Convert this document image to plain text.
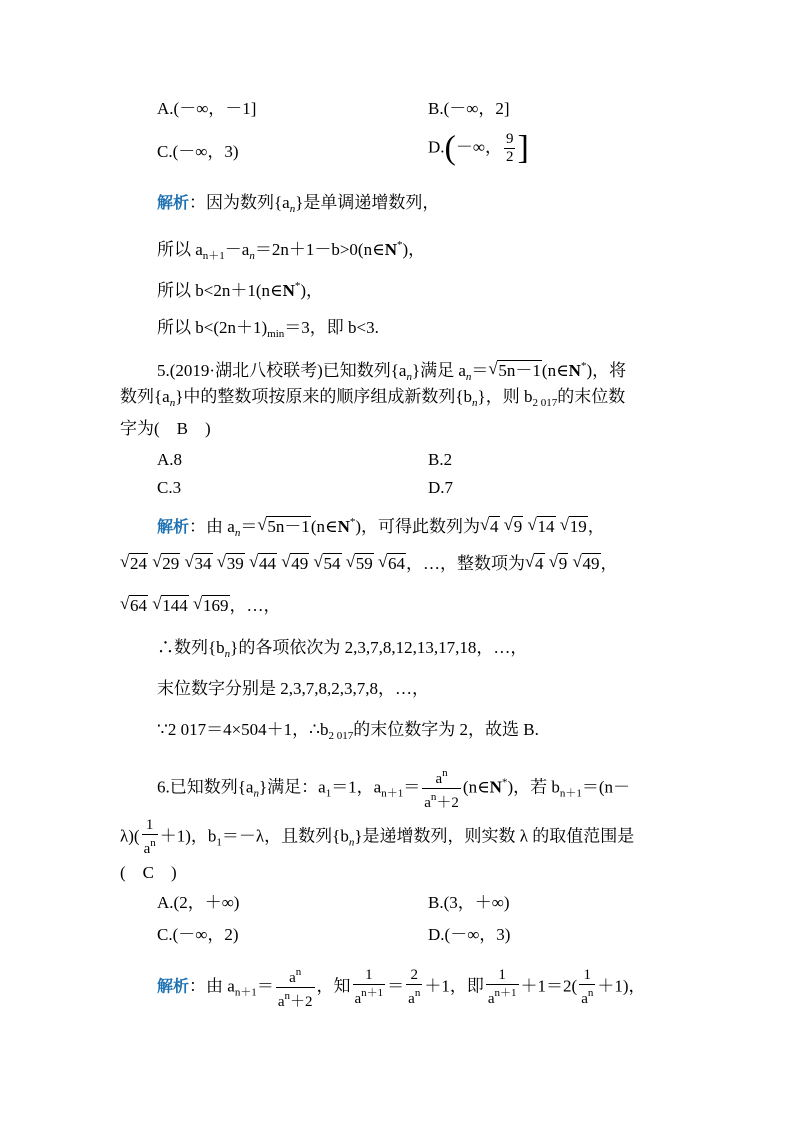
A.(－∞，－1]	B.(－∞，2]
C.(－∞，3)	D.(－∞， $\frac{9}{2}$ ]
解析：因为数列$\{a_n\}$是单调递增数列，
所以 $a_{n+1}-a_n=2n+1-b>0(n\in N^*)$，
所以 b<2n＋1(n∈N*)，
所以 $b<(2n+1)_{min}=3$，即 b<3.
5.(2019·湖北八校联考)已知数列$\{a_n\}$满足 $a_n=$ √ 5n－1(n∈N*)，将
数列$\{a_n\}$中的整数项按原来的顺序组成新数列$\{b_n\}$，则 $b_{2 017}$的末位数
字为(　B　)
A.8	B.2
C.3	D.7
解析：由 $a_n=$ √ 5n－1(n∈N*)，可得此数列为 √ 4 √ 9 √ 14 √ 19，
√ 24 √ 29 √ 34 √ 39 √ 44 √ 49 √ 54 √ 59 √ 64，…，整数项为 √ 4 √ 9 √ 49，
√ 64 √ 144 √ 169，…，
∴数列$\{b_n\}$的各项依次为 2,3,7,8,12,13,17,18，…，
末位数字分别是 2,3,7,8,2,3,7,8，…，
∵2 017＝4×504＋1，$\therefore b_{2 017}$的末位数字为 2，故选 B.
6.已知数列$\{a_n\}$满足：$a_1=1$，$a_{n+1}= \frac{a^n}{a^n+2}$ (n∈N*)，若 $b_{n+1}=(n-$
$\lambda)( \frac{1}{a^n} +1)$，$b_1=-\lambda$，且数列$\{b_n\}$是递增数列，则实数 λ 的取值范围是
(　C　)
A.(2，＋∞)	B.(3，＋∞)
C.(－∞，2)	D.(－∞，3)
解析：由 $a_{n+1}= \frac{a^n}{a^n+2}$ ，知 $\frac{1}{a^{n+1}} = \frac{2}{a^n} +1$，即 $\frac{1}{a^{n+1}} +1=2( \frac{1}{a^n} +1)$，
